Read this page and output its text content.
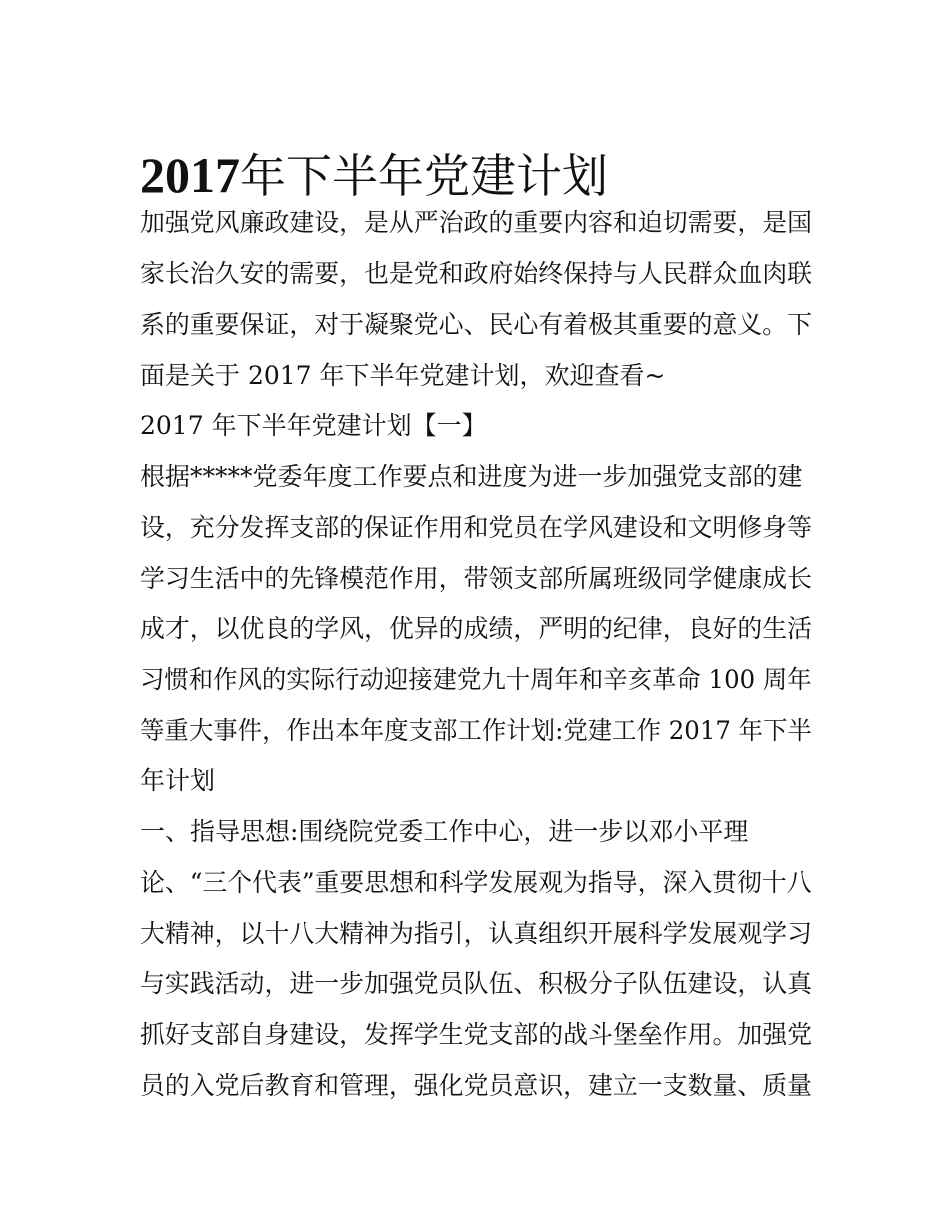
2017年下半年党建计划
加强党风廉政建设，是从严治政的重要内容和迫切需要，是国
家长治久安的需要，也是党和政府始终保持与人民群众血肉联
系的重要保证，对于凝聚党心、民心有着极其重要的意义。下
面是关于 2017 年下半年党建计划，欢迎查看~
2017 年下半年党建计划【一】
根据*****党委年度工作要点和进度为进一步加强党支部的建
设，充分发挥支部的保证作用和党员在学风建设和文明修身等
学习生活中的先锋模范作用，带领支部所属班级同学健康成长
成才，以优良的学风，优异的成绩，严明的纪律，良好的生活
习惯和作风的实际行动迎接建党九十周年和辛亥革命 100 周年
等重大事件，作出本年度支部工作计划:党建工作 2017 年下半
年计划
一、指导思想:围绕院党委工作中心，进一步以邓小平理
论、“三个代表”重要思想和科学发展观为指导，深入贯彻十八
大精神，以十八大精神为指引，认真组织开展科学发展观学习
与实践活动，进一步加强党员队伍、积极分子队伍建设，认真
抓好支部自身建设，发挥学生党支部的战斗堡垒作用。加强党
员的入党后教育和管理，强化党员意识，建立一支数量、质量
